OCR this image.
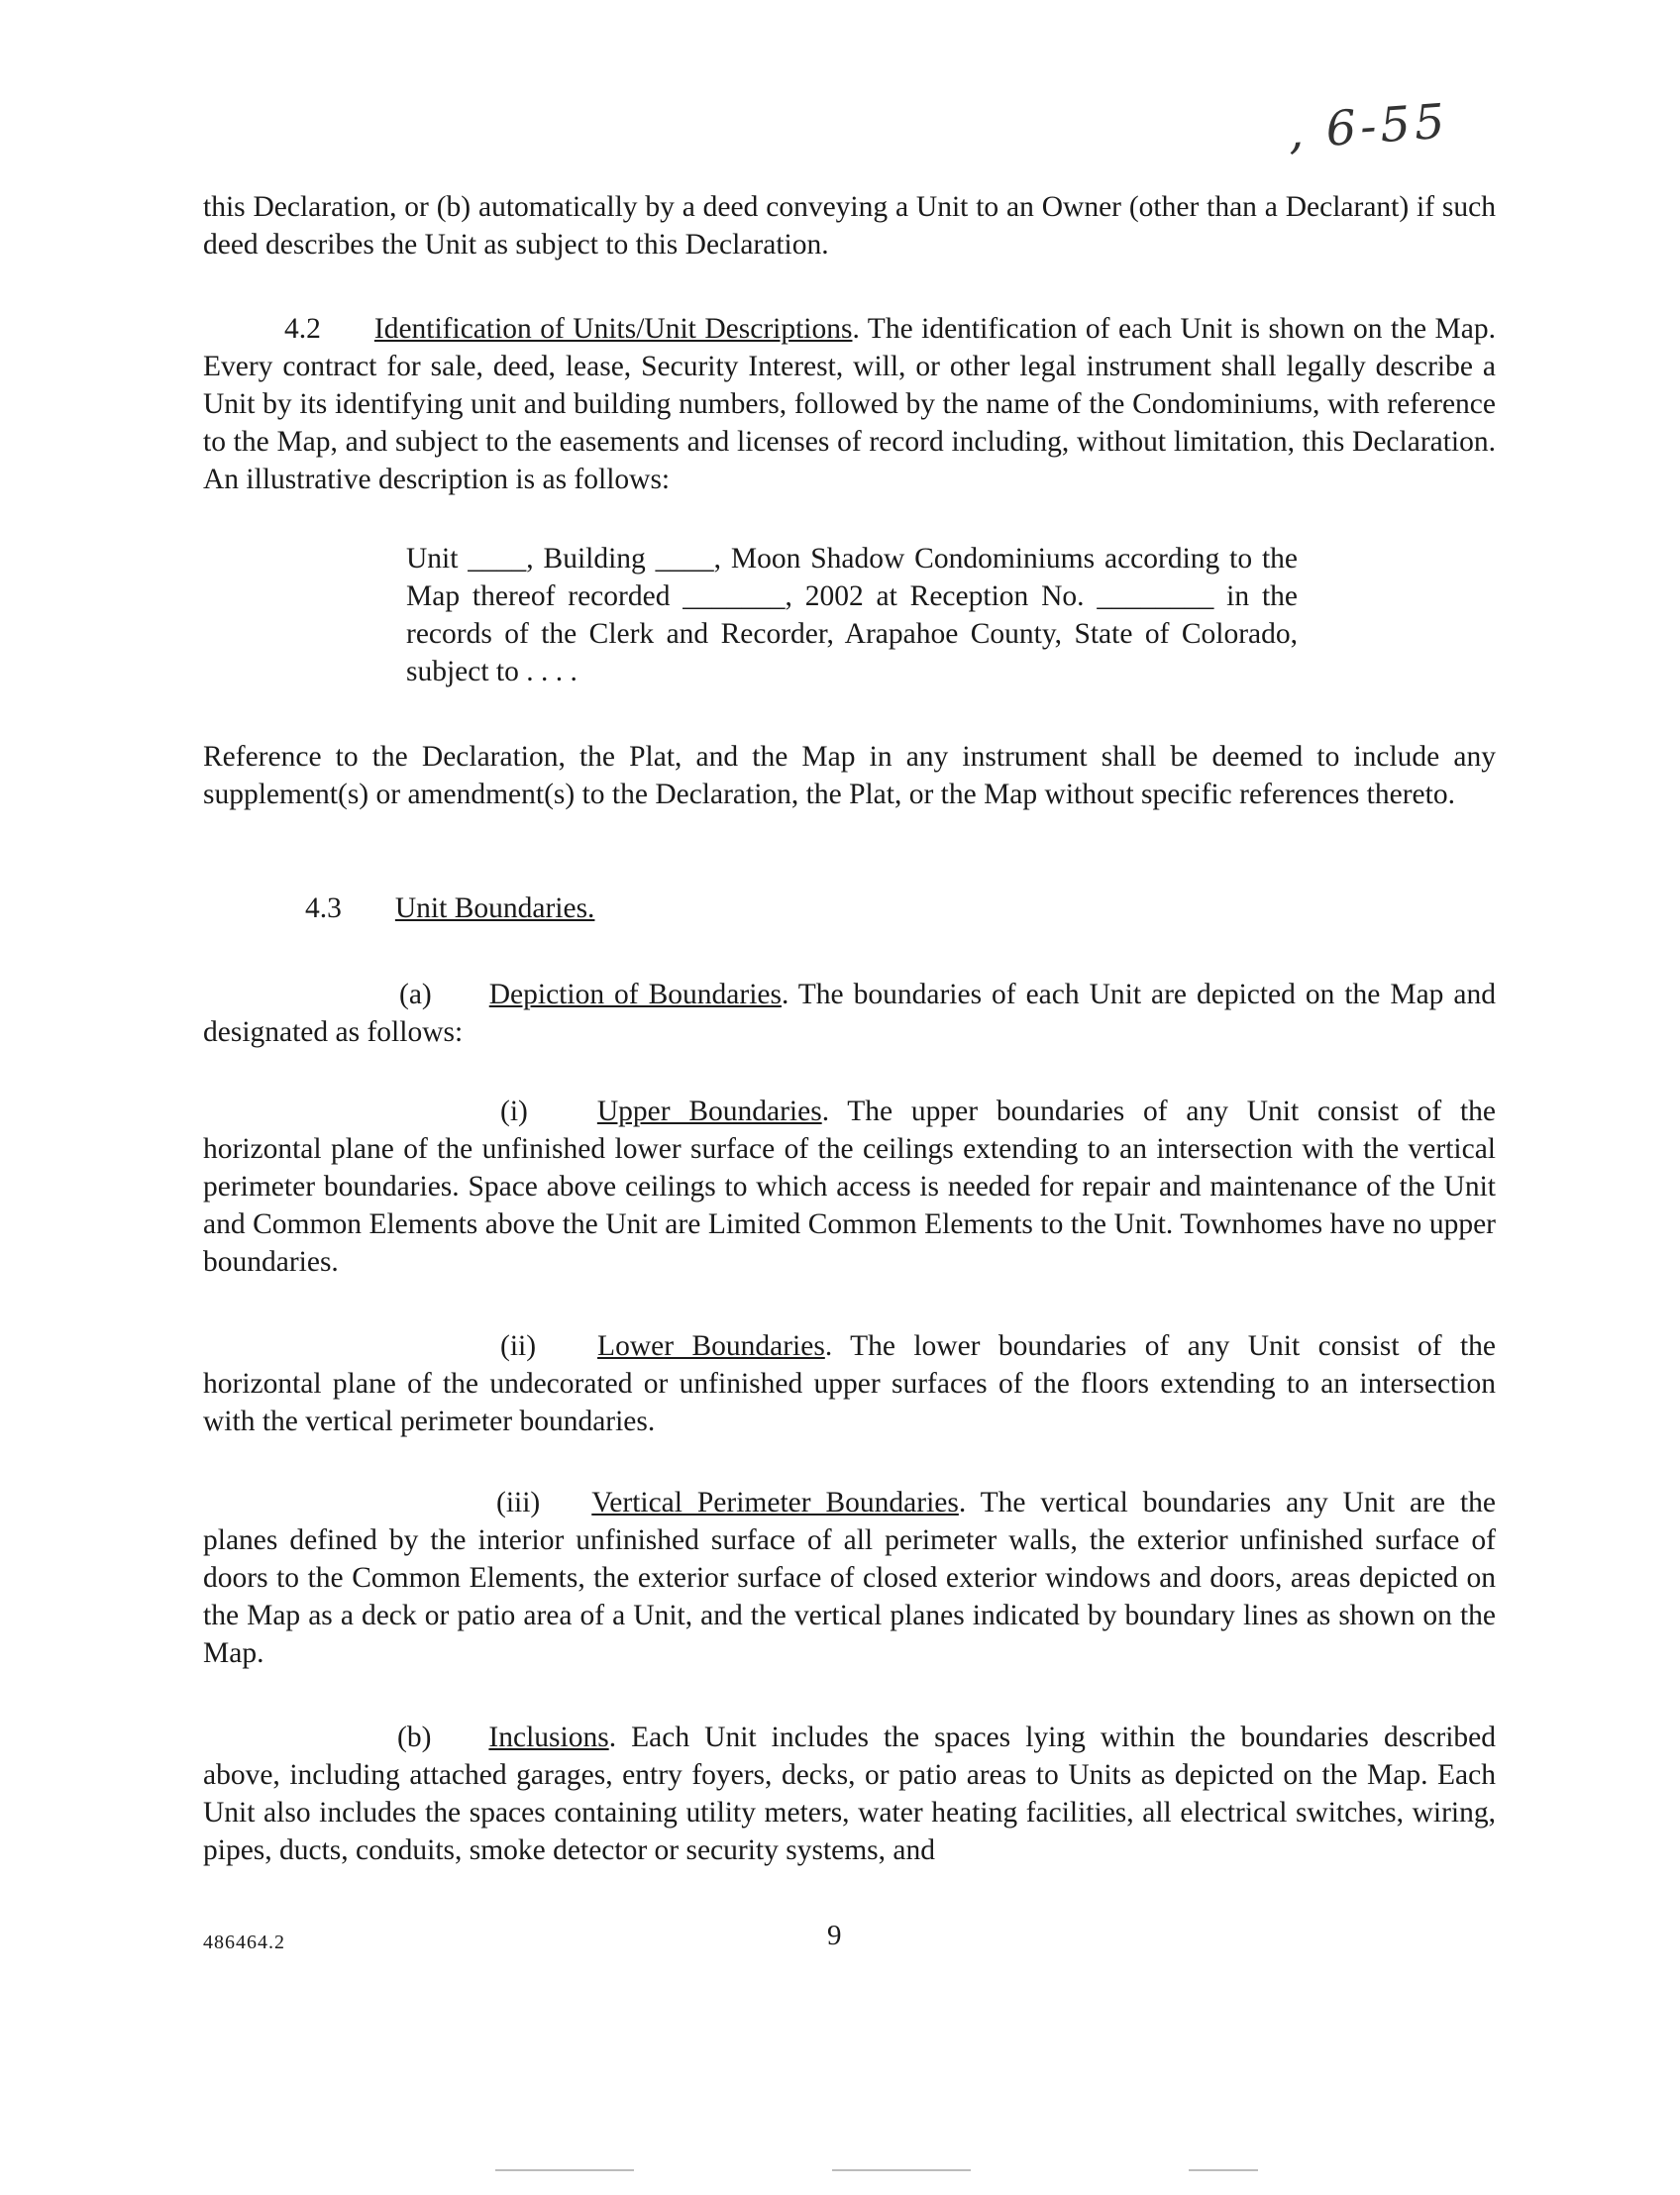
, 6-55
this Declaration, or (b) automatically by a deed conveying a Unit to an Owner (other than a Declarant) if such deed describes the Unit as subject to this Declaration.
4.2 Identification of Units/Unit Descriptions. The identification of each Unit is shown on the Map. Every contract for sale, deed, lease, Security Interest, will, or other legal instrument shall legally describe a Unit by its identifying unit and building numbers, followed by the name of the Condominiums, with reference to the Map, and subject to the easements and licenses of record including, without limitation, this Declaration. An illustrative description is as follows:
Unit ____, Building ____, Moon Shadow Condominiums according to the Map thereof recorded _______, 2002 at Reception No. ________ in the records of the Clerk and Recorder, Arapahoe County, State of Colorado, subject to . . . .
Reference to the Declaration, the Plat, and the Map in any instrument shall be deemed to include any supplement(s) or amendment(s) to the Declaration, the Plat, or the Map without specific references thereto.
4.3 Unit Boundaries.
(a) Depiction of Boundaries. The boundaries of each Unit are depicted on the Map and designated as follows:
(i) Upper Boundaries. The upper boundaries of any Unit consist of the horizontal plane of the unfinished lower surface of the ceilings extending to an intersection with the vertical perimeter boundaries. Space above ceilings to which access is needed for repair and maintenance of the Unit and Common Elements above the Unit are Limited Common Elements to the Unit. Townhomes have no upper boundaries.
(ii) Lower Boundaries. The lower boundaries of any Unit consist of the horizontal plane of the undecorated or unfinished upper surfaces of the floors extending to an intersection with the vertical perimeter boundaries.
(iii) Vertical Perimeter Boundaries. The vertical boundaries any Unit are the planes defined by the interior unfinished surface of all perimeter walls, the exterior unfinished surface of doors to the Common Elements, the exterior surface of closed exterior windows and doors, areas depicted on the Map as a deck or patio area of a Unit, and the vertical planes indicated by boundary lines as shown on the Map.
(b) Inclusions. Each Unit includes the spaces lying within the boundaries described above, including attached garages, entry foyers, decks, or patio areas to Units as depicted on the Map. Each Unit also includes the spaces containing utility meters, water heating facilities, all electrical switches, wiring, pipes, ducts, conduits, smoke detector or security systems, and
486464.2	9
